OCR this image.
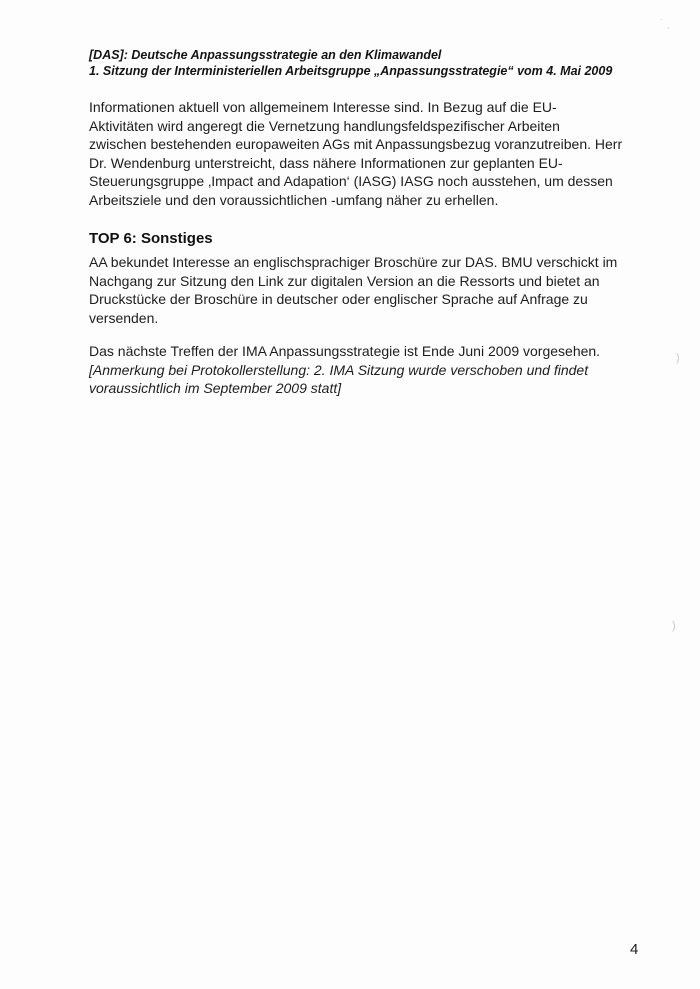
[DAS]: Deutsche Anpassungsstrategie an den Klimawandel
1. Sitzung der Interministeriellen Arbeitsgruppe „Anpassungsstrategie“ vom 4. Mai 2009

Informationen aktuell von allgemeinem Interesse sind. In Bezug auf die EU-

Aktivitäten wird angeregt die Vernetzung handlungsfeldspezifischer Arbeiten

zwischen bestehenden europaweiten AGs mit Anpassungsbezug voranzutreiben. Herr

Dr. Wendenburg unterstreicht, dass nähere Informationen zur geplanten EU-

Steuerungsgruppe ‚Impact and Adapation‘ (IASG) IASG noch ausstehen, um dessen

Arbeitsziele und den voraussichtlichen -umfang näher zu erhellen.

TOP 6: Sonstiges

AA bekundet Interesse an englischsprachiger Broschüre zur DAS. BMU verschickt im

Nachgang zur Sitzung den Link zur digitalen Version an die Ressorts und bietet an

Druckstücke der Broschüre in deutscher oder englischer Sprache auf Anfrage zu

versenden.

Das nächste Treffen der IMA Anpassungsstrategie ist Ende Juni 2009 vorgesehen.

[Anmerkung bei Protokollerstellung: 2. IMA Sitzung wurde verschoben und findet

voraussichtlich im September 2009 statt]

4
˙ ˎ
)
)
